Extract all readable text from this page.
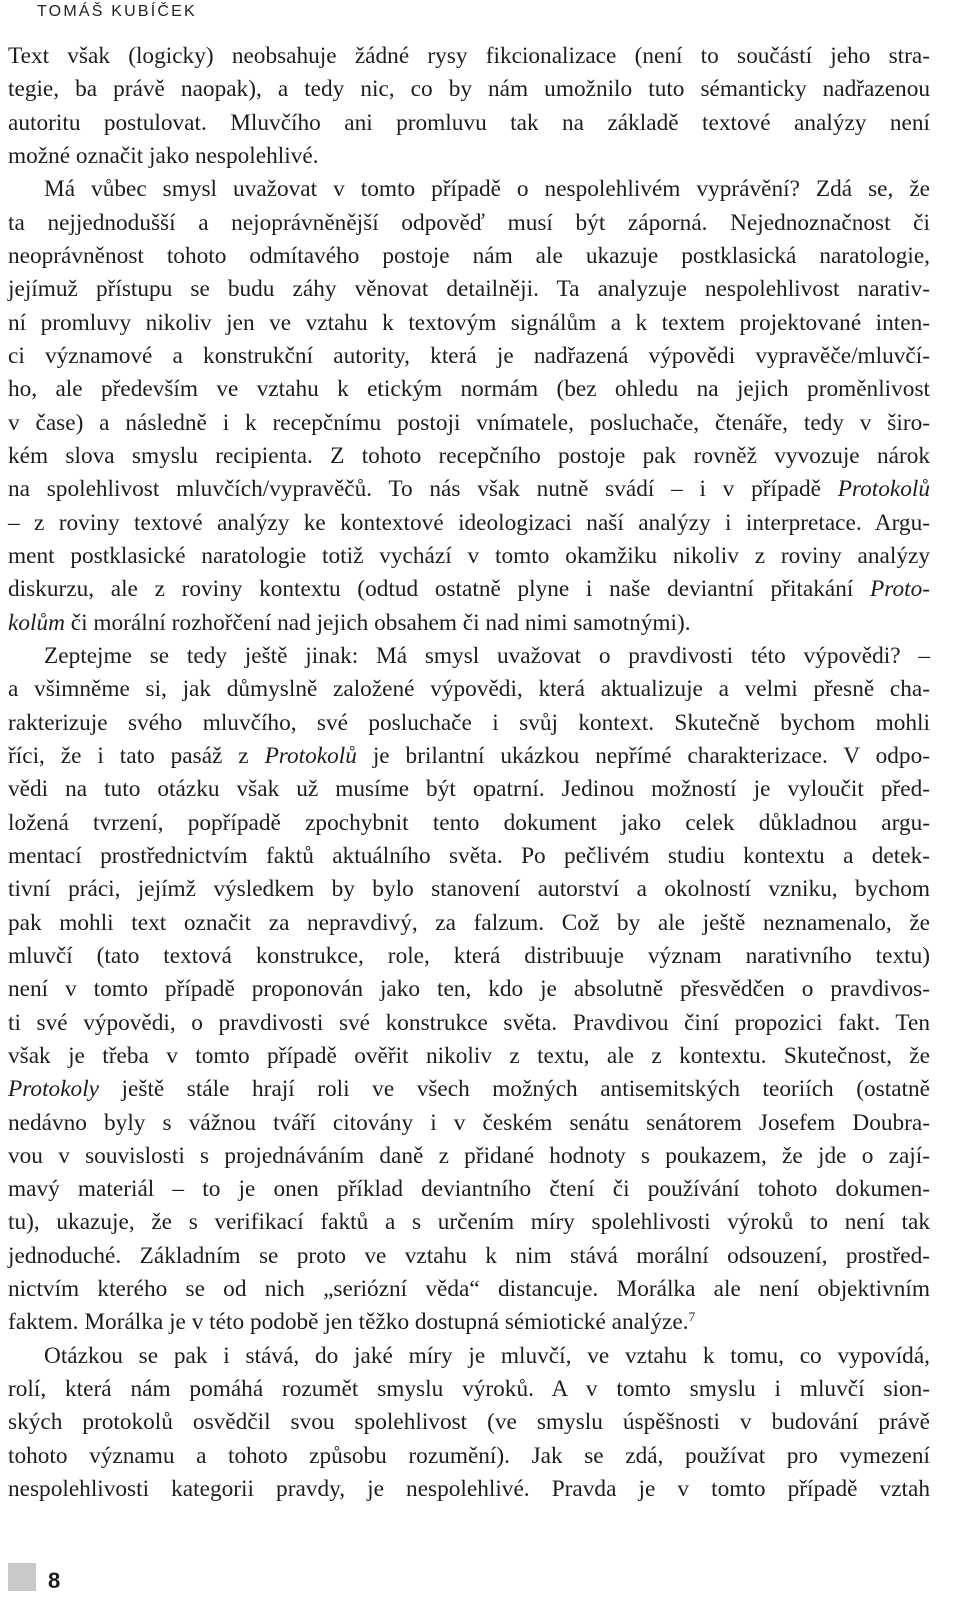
TOMÁŠ KUBÍČEK
Text však (logicky) neobsahuje žádné rysy fikcionalizace (není to součástí jeho stra-
tegie, ba právě naopak), a tedy nic, co by nám umožnilo tuto sémanticky nadřazenou
autoritu postulovat. Mluvčího ani promluvu tak na základě textové analýzy není
možné označit jako nespolehlivé.
Má vůbec smysl uvažovat v tomto případě o nespolehlivém vyprávění? Zdá se, že
ta nejjednodušší a nejoprávněnější odpověď musí být záporná. Nejednoznačnost či
neoprávněnost tohoto odmítavého postoje nám ale ukazuje postklasická naratologie,
jejímuž přístupu se budu záhy věnovat detailněji. Ta analyzuje nespolehlivost narativ-
ní promluvy nikoliv jen ve vztahu k textovým signálům a k textem projektované inten-
ci významové a konstrukční autority, která je nadřazená výpovědi vypravěče/mluvčí-
ho, ale především ve vztahu k etickým normám (bez ohledu na jejich proměnlivost
v čase) a následně i k recepčnímu postoji vnímatele, posluchače, čtenáře, tedy v širo-
kém slova smyslu recipienta. Z tohoto recepčního postoje pak rovněž vyvozuje nárok
na spolehlivost mluvčích/vypravěčů. To nás však nutně svádí – i v případě Protokolů
– z roviny textové analýzy ke kontextové ideologizaci naší analýzy i interpretace. Argu-
ment postklasické naratologie totiž vychází v tomto okamžiku nikoliv z roviny analýzy
diskurzu, ale z roviny kontextu (odtud ostatně plyne i naše deviantní přitakání Proto-
kolům či morální rozhořčení nad jejich obsahem či nad nimi samotnými).
Zeptejme se tedy ještě jinak: Má smysl uvažovat o pravdivosti této výpovědi? –
a všimněme si, jak důmyslně založené výpovědi, která aktualizuje a velmi přesně cha-
rakterizuje svého mluvčího, své posluchače i svůj kontext. Skutečně bychom mohli
říci, že i tato pasáž z Protokolů je brilantní ukázkou nepřímé charakterizace. V odpo-
vědi na tuto otázku však už musíme být opatrní. Jedinou možností je vyloučit před-
ložená tvrzení, popřípadě zpochybnit tento dokument jako celek důkladnou argu-
mentací prostřednictvím faktů aktuálního světa. Po pečlivém studiu kontextu a detek-
tivní práci, jejímž výsledkem by bylo stanovení autorství a okolností vzniku, bychom
pak mohli text označit za nepravdivý, za falzum. Což by ale ještě neznamenalo, že
mluvčí (tato textová konstrukce, role, která distribuuje význam narativního textu)
není v tomto případě proponován jako ten, kdo je absolutně přesvědčen o pravdivos-
ti své výpovědi, o pravdivosti své konstrukce světa. Pravdivou činí propozici fakt. Ten
však je třeba v tomto případě ověřit nikoliv z textu, ale z kontextu. Skutečnost, že
Protokoly ještě stále hrají roli ve všech možných antisemitských teoriích (ostatně
nedávno byly s vážnou tváří citovány i v českém senátu senátorem Josefem Doubra-
vou v souvislosti s projednáváním daně z přidané hodnoty s poukazem, že jde o zají-
mavý materiál – to je onen příklad deviantního čtení či používání tohoto dokumen-
tu), ukazuje, že s verifikací faktů a s určením míry spolehlivosti výroků to není tak
jednoduché. Základním se proto ve vztahu k nim stává morální odsouzení, prostřed-
nictvím kterého se od nich „seriózní věda“ distancuje. Morálka ale není objektivním
faktem. Morálka je v této podobě jen těžko dostupná sémiotické analýze.$^7$
Otázkou se pak i stává, do jaké míry je mluvčí, ve vztahu k tomu, co vypovídá,
rolí, která nám pomáhá rozumět smyslu výroků. A v tomto smyslu i mluvčí sion-
ských protokolů osvědčil svou spolehlivost (ve smyslu úspěšnosti v budování právě
tohoto významu a tohoto způsobu rozumění). Jak se zdá, používat pro vymezení
nespolehlivosti kategorii pravdy, je nespolehlivé. Pravda je v tomto případě vztah
8
